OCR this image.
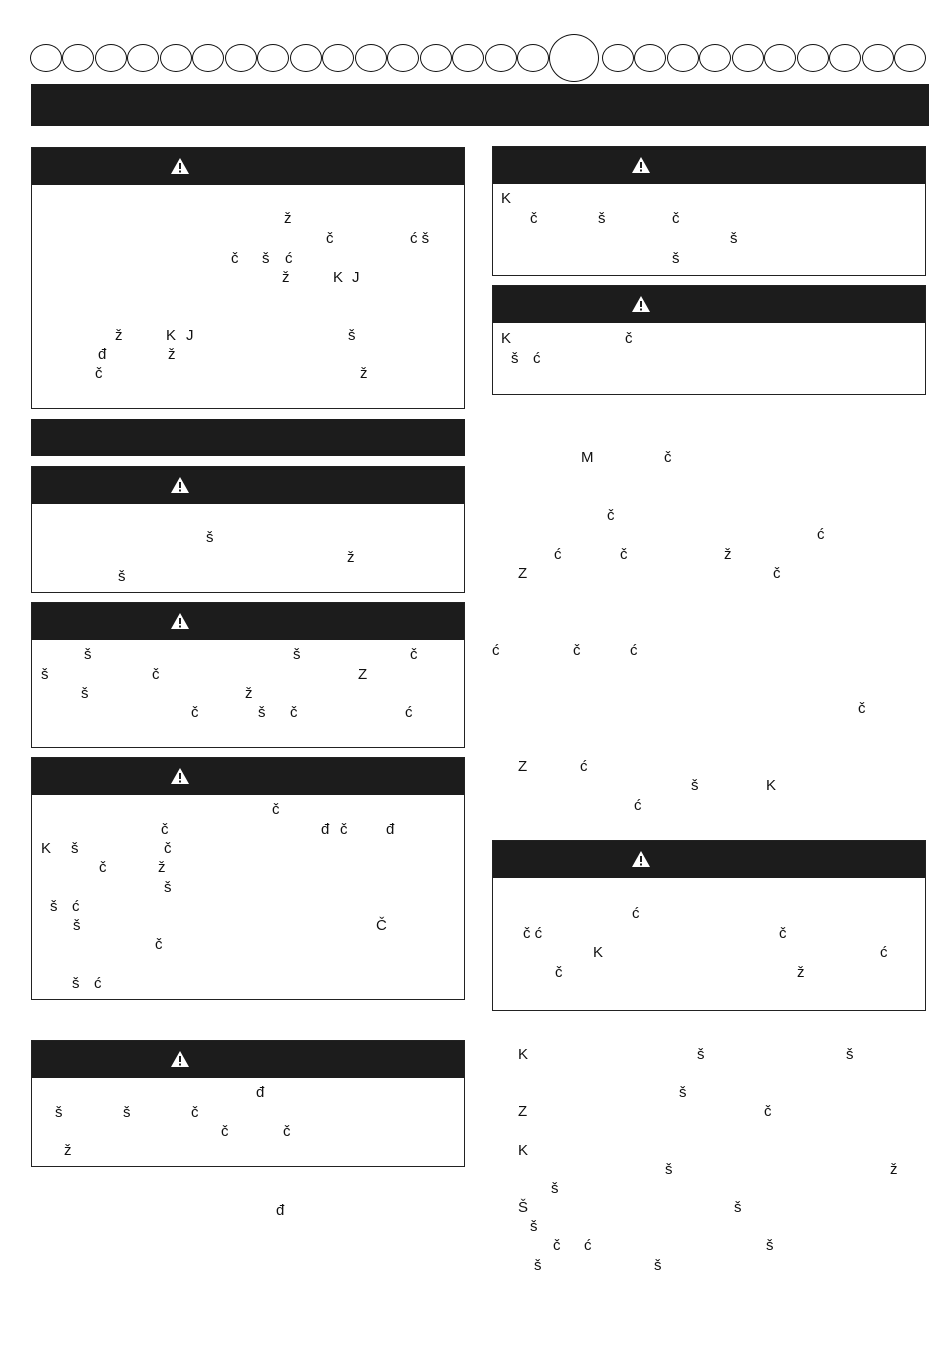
ž
č	ć š
č š ć
ž	K J
ž	K J	š
đ	ž
č	ž
š
ž
š
š	š	č
š	č	Z
š	ž
č	š č	ć
č
č	đ č	đ
K š	č
č	ž
š
š ć
š	Č
č
š ć
đ
š	š	č
č	č
ž
đ
K
č	š	č
š
š
K	č
š ć
M	č
č
ć
ć	č	ž
Z	č
ć	č	ć
č
Z	ć
š	K
ć
ć
č ć	č
K	ć
č	ž
K	š	š
š
Z	č
K
š	ž
š
Š	š
š
č ć	š
š	š
